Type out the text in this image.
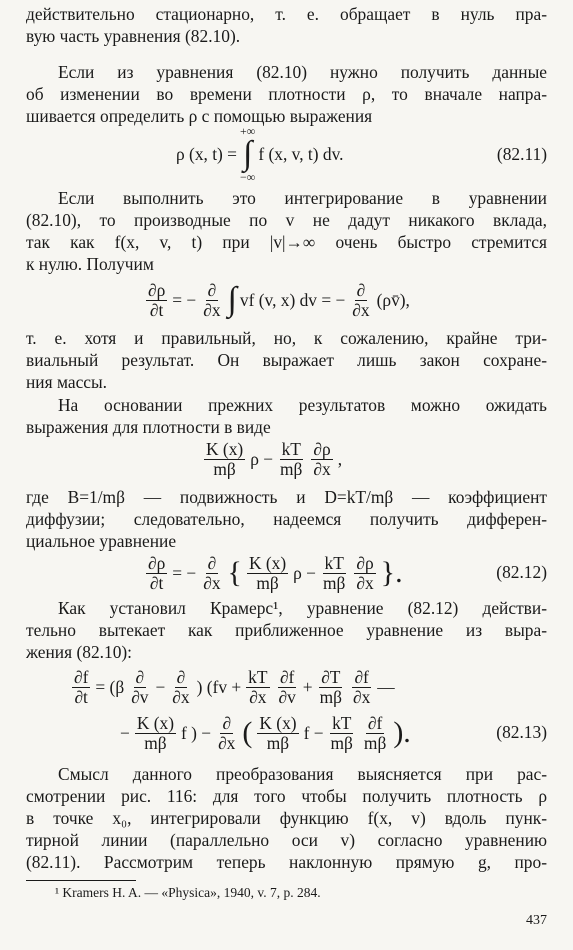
действительно стационарно, т. е. обращает в нуль пра-
вую часть уравнения (82.10).
Если из уравнения (82.10) нужно получить данные
об изменении во времени плотности ρ, то вначале напра-
шивается определить ρ с помощью выражения
ρ (x, t) =
+∞
∫
−∞
f (x, v, t) dv.	(82.11)
Если выполнить это интегрирование в уравнении
(82.10), то производные по v не дадут никакого вклада,
так как f(x, v, t) при |v|→∞ очень быстро стремится
к нулю. Получим
$\frac{\partial\rho}{\partial t}$ = − $\frac{\partial}{\partial x}$ ∫ vf (v, x) dv = − $\frac{\partial}{\partial x}$ (ρv̄),
т. е. хотя и правильный, но, к сожалению, крайне три-
виальный результат. Он выражает лишь закон сохране-
ния массы.
На основании прежних результатов можно ожидать
выражения для плотности в виде
$\frac{K (x)}{m\beta}$ $\rho - \frac{kT}{m\beta} \frac{\partial\rho}{\partial x}$ ,
где B=1/mβ — подвижность и D=kT/mβ — коэффициент
диффузии; следовательно, надеемся получить дифферен-
циальное уравнение
$\frac{\partial\rho}{\partial t}$ = − $\frac{\partial}{\partial x}$ { $\frac{K (x)}{m\beta}$ $\rho - \frac{kT}{m\beta} \frac{\partial\rho}{\partial x}$ }.	(82.12)
Как установил Крамерс¹, уравнение (82.12) действи-
тельно вытекает как приближенное уравнение из выра-
жения (82.10):
$\frac{\partial f}{\partial t} = (\beta \frac{\partial}{\partial v} - \frac{\partial}{\partial x}$ ) ($fv + \frac{kT}{\partial x} \frac{\partial f}{\partial v} + \frac{\partial T}{m\beta} \frac{\partial f}{\partial x}$ —
− $\frac{K (x)}{m\beta}$ f ) − $\frac{\partial}{\partial x}$ ( $\frac{K (x)}{m\beta}$ $f - \frac{kT}{m\beta} \frac{\partial f}{m\beta}$ ).	(82.13)
Смысл данного преобразования выясняется при рас-
смотрении рис. 116: для того чтобы получить плотность ρ
в точке x₀, интегрировали функцию f(x, v) вдоль пунк-
тирной линии (параллельно оси v) согласно уравнению
(82.11). Рассмотрим теперь наклонную прямую g, про-
¹ Kramers H. A. — «Physica», 1940, v. 7, p. 284.
437
